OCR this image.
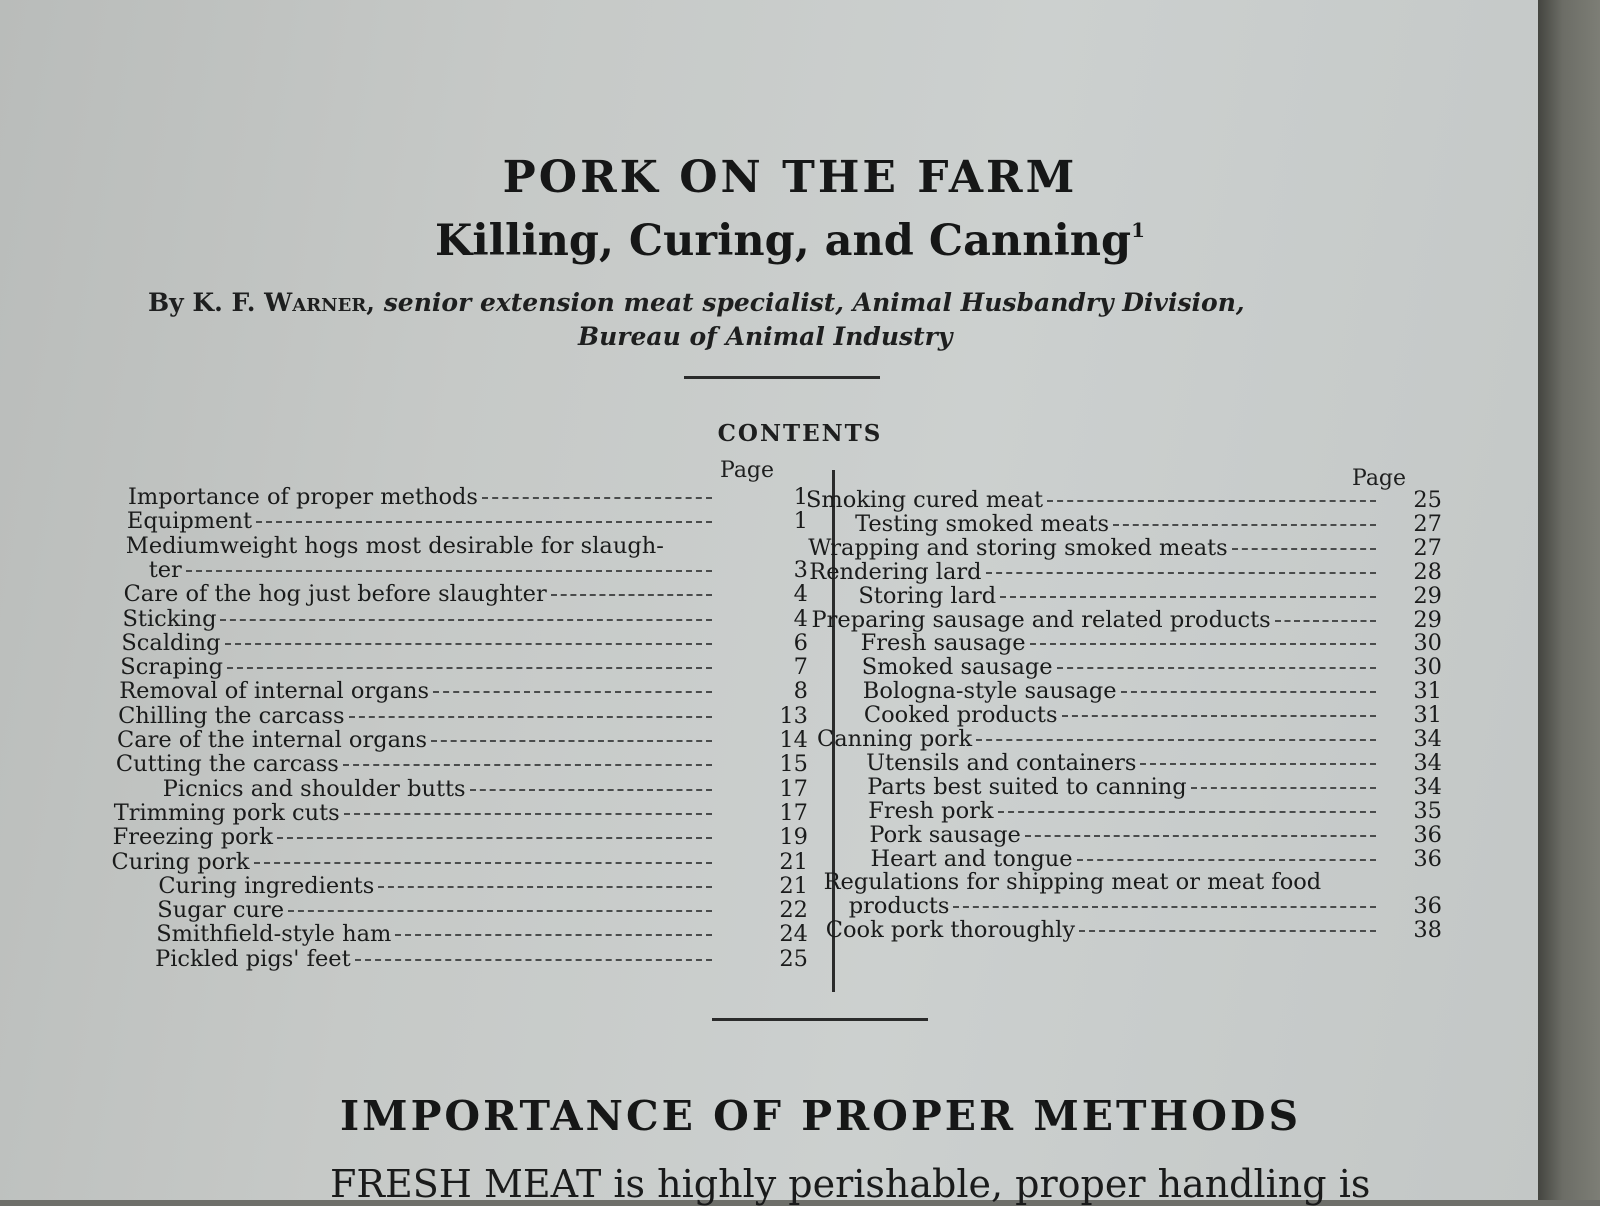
PORK ON THE FARM
Killing, Curing, and Canning$^1$
By K. F. Warner, senior extension meat specialist, Animal Husbandry Division,
Bureau of Animal Industry
CONTENTS
Page	Page
Importance of proper methods	1
Equipment	1
Mediumweight hogs most desirable for slaugh-
ter	3
Care of the hog just before slaughter	4
Sticking	4
Scalding	6
Scraping	7
Removal of internal organs	8
Chilling the carcass	13
Care of the internal organs	14
Cutting the carcass	15
Picnics and shoulder butts	17
Trimming pork cuts	17
Freezing pork	19
Curing pork	21
Curing ingredients	21
Sugar cure	22
Smithfield-style ham	24
Pickled pigs' feet	25
Smoking cured meat	25
Testing smoked meats	27
Wrapping and storing smoked meats	27
Rendering lard	28
Storing lard	29
Preparing sausage and related products	29
Fresh sausage	30
Smoked sausage	30
Bologna-style sausage	31
Cooked products	31
Canning pork	34
Utensils and containers	34
Parts best suited to canning	34
Fresh pork	35
Pork sausage	36
Heart and tongue	36
Regulations for shipping meat or meat food
products	36
Cook pork thoroughly	38
IMPORTANCE OF PROPER METHODS
FRESH MEAT is highly perishable, proper handling is
